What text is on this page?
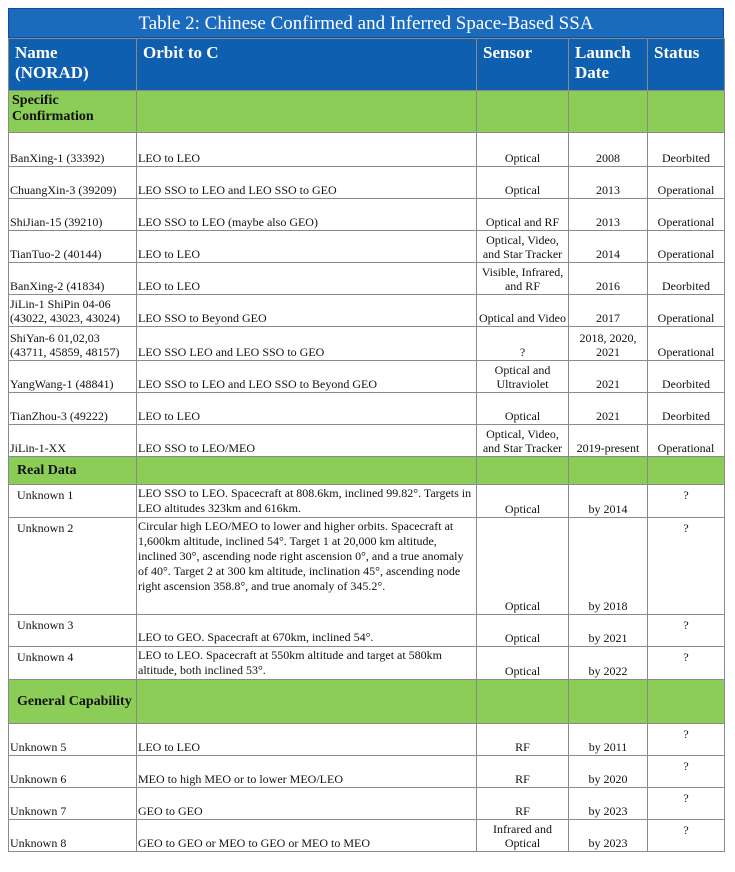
Table 2: Chinese Confirmed and Inferred Space-Based SSA
Name (NORAD)	Orbit to C	Sensor	Launch Date	Status
Specific Confirmation				
BanXing-1 (33392)	LEO to LEO	Optical	2008	Deorbited
ChuangXin-3 (39209)	LEO SSO to LEO and LEO SSO to GEO	Optical	2013	Operational
ShiJian-15 (39210)	LEO SSO to LEO (maybe also GEO)	Optical and RF	2013	Operational
TianTuo-2 (40144)	LEO to LEO	Optical, Video, and Star Tracker	2014	Operational
BanXing-2 (41834)	LEO to LEO	Visible, Infrared, and RF	2016	Deorbited
JiLin-1 ShiPin 04-06 (43022, 43023, 43024)	LEO SSO to Beyond GEO	Optical and Video	2017	Operational
ShiYan-6 01,02,03 (43711, 45859, 48157)	LEO SSO LEO and LEO SSO to GEO	?	2018, 2020, 2021	Operational
YangWang-1 (48841)	LEO SSO to LEO and LEO SSO to Beyond GEO	Optical and Ultraviolet	2021	Deorbited
TianZhou-3 (49222)	LEO to LEO	Optical	2021	Deorbited
JiLin-1-XX	LEO SSO to LEO/MEO	Optical, Video, and Star Tracker	2019-present	Operational
Real Data				
Unknown 1	LEO SSO to LEO. Spacecraft at 808.6km, inclined 99.82°. Targets in LEO altitudes 323km and 616km.	Optical	by 2014	?
Unknown 2	Circular high LEO/MEO to lower and higher orbits. Spacecraft at 1,600km altitude, inclined 54°. Target 1 at 20,000 km altitude, inclined 30°, ascending node right ascension 0°, and a true anomaly of 40°. Target 2 at 300 km altitude, inclination 45°, ascending node right ascension 358.8°, and true anomaly of 345.2°.	Optical	by 2018	?
Unknown 3	LEO to GEO. Spacecraft at 670km, inclined 54°.	Optical	by 2021	?
Unknown 4	LEO to LEO. Spacecraft at 550km altitude and target at 580km altitude, both inclined 53°.	Optical	by 2022	?
General Capability				
Unknown 5	LEO to LEO	RF	by 2011	?

Unknown 6	MEO to high MEO or to lower MEO/LEO	RF	by 2020	?

Unknown 7	GEO to GEO	RF	by 2023	?

Unknown 8	GEO to GEO or MEO to GEO or MEO to MEO	Infrared and Optical	by 2023	?
